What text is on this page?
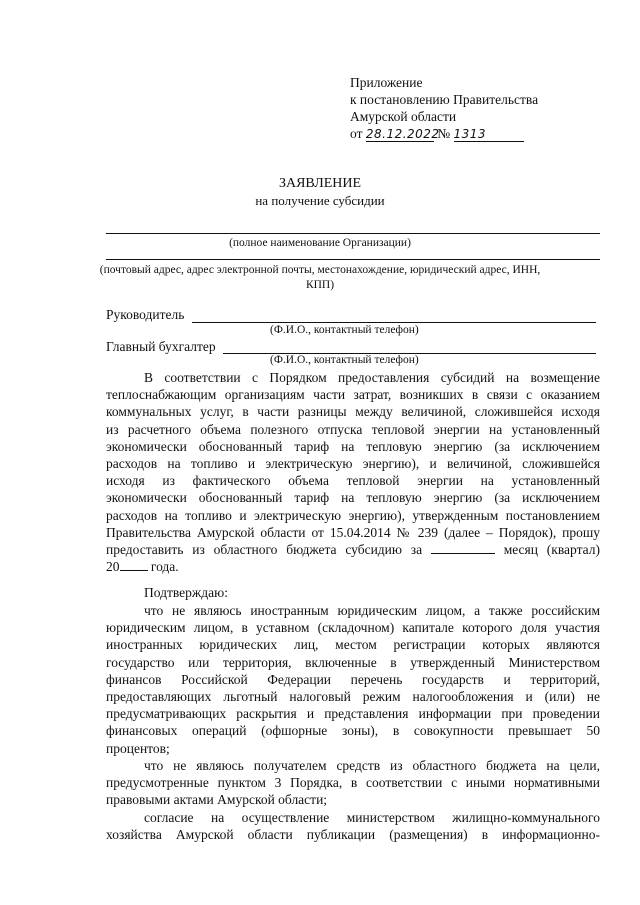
Приложение
к постановлению Правительства
Амурской области
от 28.12.2022 № 1313
ЗАЯВЛЕНИЕ
на получение субсидии
(полное наименование Организации)
(почтовый адрес, адрес электронной почты, местонахождение, юридический адрес, ИНН,
КПП)
Руководитель
(Ф.И.О., контактный телефон)
Главный бухгалтер
(Ф.И.О., контактный телефон)

В соответствии с Порядком предоставления субсидий на возмещение

теплоснабжающим организациям части затрат, возникших в связи с оказанием

коммунальных услуг, в части разницы между величиной, сложившейся исходя

из расчетного объема полезного отпуска тепловой энергии на установленный

экономически обоснованный тариф на тепловую энергию (за исключением

расходов на топливо и электрическую энергию), и величиной, сложившейся

исходя из фактического объема тепловой энергии на установленный

экономически обоснованный тариф на тепловую энергию (за исключением

расходов на топливо и электрическую энергию), утвержденным постановлением

Правительства Амурской области от 15.04.2014 № 239 (далее – Порядок), прошу

предоставить из областного бюджета субсидию за	месяц (квартал)

20 года.

Подтверждаю:

что не являюсь иностранным юридическим лицом, а также российским

юридическим лицом, в уставном (складочном) капитале которого доля участия

иностранных юридических лиц, местом регистрации которых являются

государство или территория, включенные в утвержденный Министерством

финансов Российской Федерации перечень государств и территорий,

предоставляющих льготный налоговый режим налогообложения и (или) не

предусматривающих раскрытия и представления информации при проведении

финансовых операций (офшорные зоны), в совокупности превышает 50

процентов;

что не являюсь получателем средств из областного бюджета на цели,

предусмотренные пунктом 3 Порядка, в соответствии с иными нормативными

правовыми актами Амурской области;

согласие на осуществление министерством жилищно-коммунального

хозяйства Амурской области публикации (размещения) в информационно-
